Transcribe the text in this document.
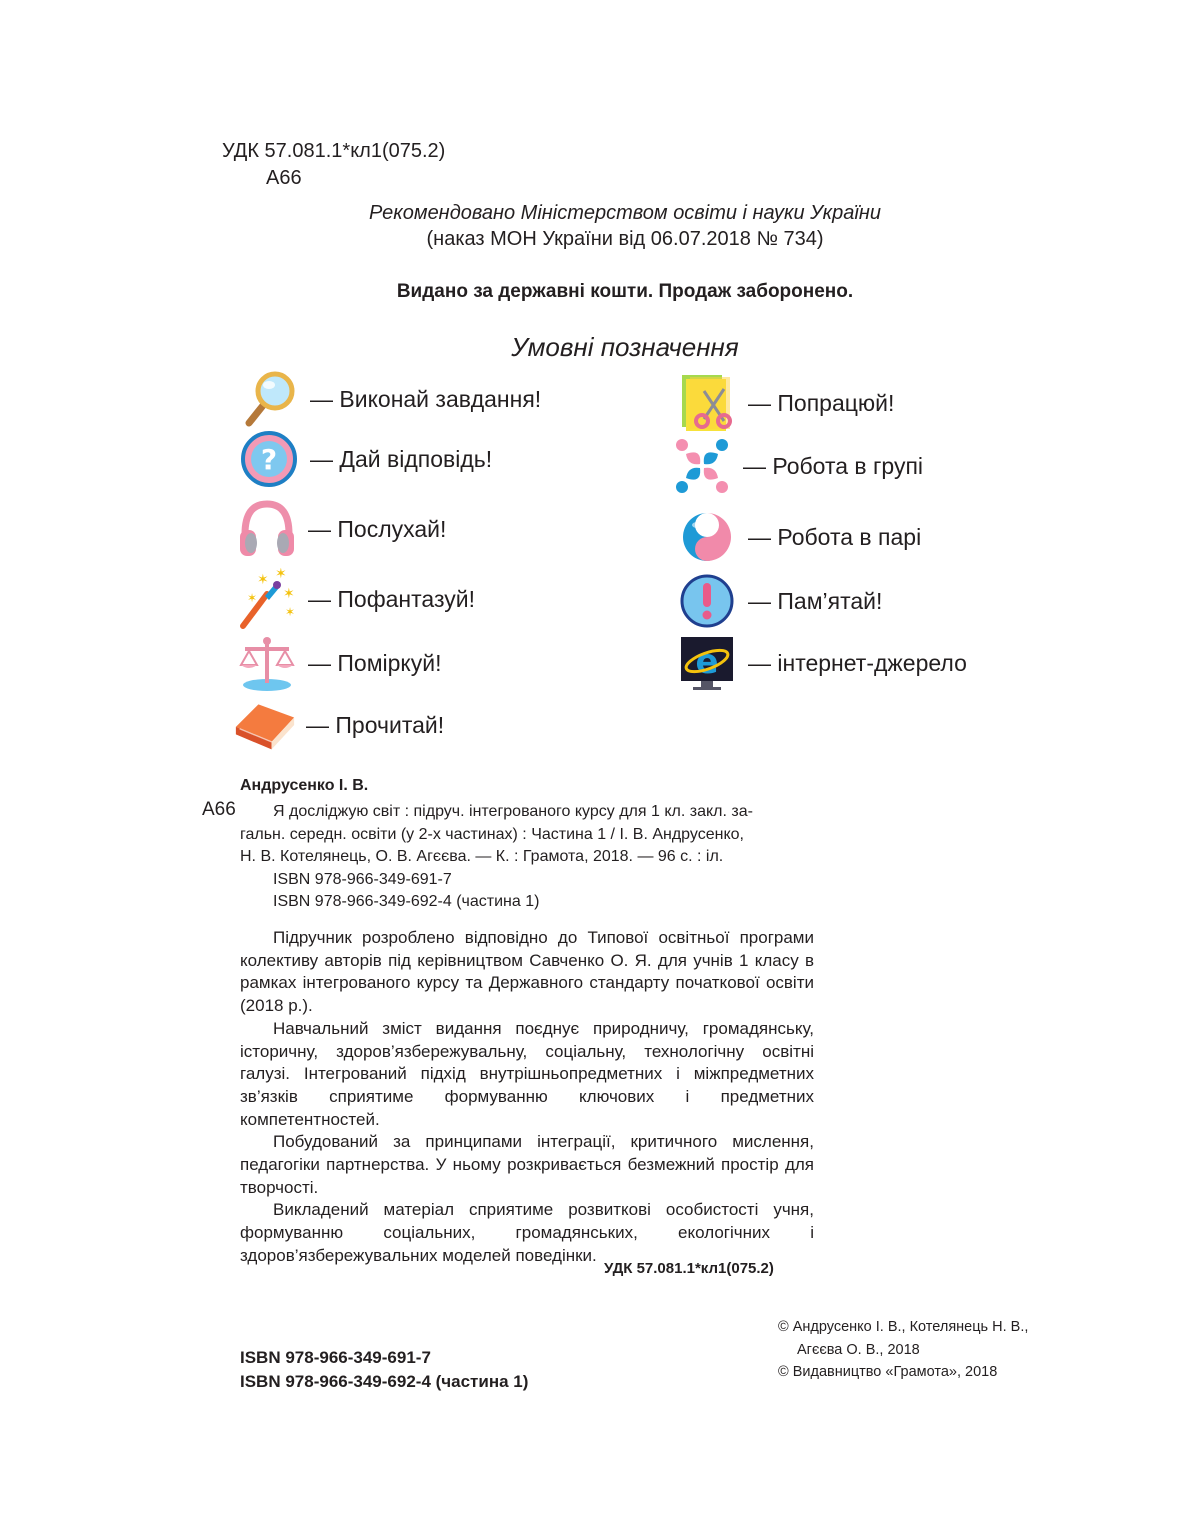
УДК 57.081.1*кл1(075.2)
А66
Рекомендовано Міністерством освіти і науки України
(наказ МОН України від 06.07.2018 № 734)
Видано за державні кошти. Продаж заборонено.
Умовні позначення
— Виконай завдання!
? — Дай відповідь!
— Послухай!
✶ ✶
✶
✶
✶
— Пофантазуй!
— Поміркуй!
— Прочитай!
— Попрацюй!
— Робота в групі
— Робота в парі
— Пам’ятай!
e — інтернет-джерело
Андрусенко І. В.
А66	Я досліджую світ : підруч. інтегрованого курсу для 1 кл. закл. за-
гальн. середн. освіти (у 2-х частинах) : Частина 1 / І. В. Андрусенко,
Н. В. Котелянець, О. В. Агєєва. — К. : Грамота, 2018. — 96 с. : іл.
ISBN 978-966-349-691-7
ISBN 978-966-349-692-4 (частина 1)

Підручник розроблено відповідно до Типової освітньої програми колективу авторів під керівництвом Савченко О. Я. для учнів 1 класу в рамках інтегрованого курсу та Державного стандарту початкової освіти (2018 р.).

Навчальний зміст видання поєднує природничу, громадянську, історичну, здоров’язбережувальну, соціальну, технологічну освітні галузі. Інтегрований підхід внутрішньопредметних і міжпредметних зв’язків сприятиме формуванню ключових і предметних компетентностей.

Побудований за принципами інтеграції, критичного мислення, педагогіки партнерства. У ньому розкривається безмежний простір для творчості.

Викладений матеріал сприятиме розвиткові особистості учня, формуванню соціальних, громадянських, екологічних і здоров’язбережувальних моделей поведінки.

УДК 57.081.1*кл1(075.2)
© Андрусенко І. В., Котелянець Н. В.,
Агєєва О. В., 2018
© Видавництво «Грамота», 2018
ISBN 978-966-349-691-7
ISBN 978-966-349-692-4 (частина 1)
